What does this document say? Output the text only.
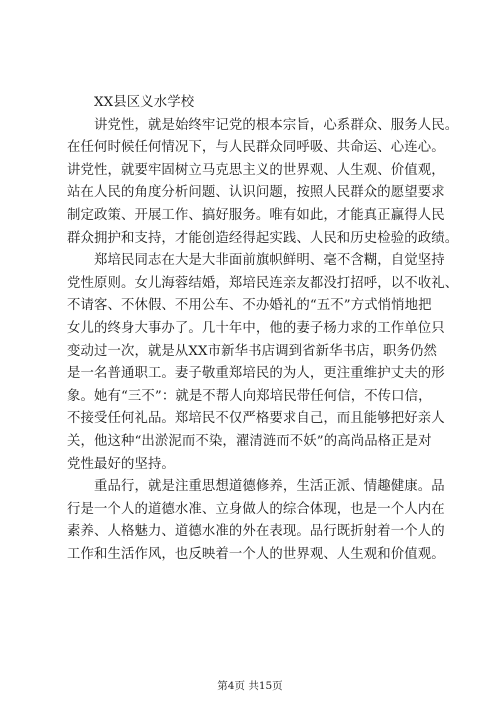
XX县区义水学校
讲党性，就是始终牢记党的根本宗旨，心系群众、服务人民。
在任何时候任何情况下，与人民群众同呼吸、共命运、心连心。
讲党性，就要牢固树立马克思主义的世界观、人生观、价值观，
站在人民的角度分析问题、认识问题，按照人民群众的愿望要求
制定政策、开展工作、搞好服务。唯有如此，才能真正赢得人民
群众拥护和支持，才能创造经得起实践、人民和历史检验的政绩。
郑培民同志在大是大非面前旗帜鲜明、毫不含糊，自觉坚持
党性原则。女儿海蓉结婚，郑培民连亲友都没打招呼，以不收礼、
不请客、不休假、不用公车、不办婚礼的“五不”方式悄悄地把
女儿的终身大事办了。几十年中，他的妻子杨力求的工作单位只
变动过一次，就是从XX市新华书店调到省新华书店，职务仍然
是一名普通职工。妻子敬重郑培民的为人，更注重维护丈夫的形
象。她有“三不”：就是不帮人向郑培民带任何信，不传口信，
不接受任何礼品。郑培民不仅严格要求自己，而且能够把好亲人
关，他这种“出淤泥而不染，濯清涟而不妖”的高尚品格正是对
党性最好的坚持。
重品行，就是注重思想道德修养，生活正派、情趣健康。品
行是一个人的道德水准、立身做人的综合体现，也是一个人内在
素养、人格魅力、道德水准的外在表现。品行既折射着一个人的
工作和生活作风，也反映着一个人的世界观、人生观和价值观。
第4页 共15页
